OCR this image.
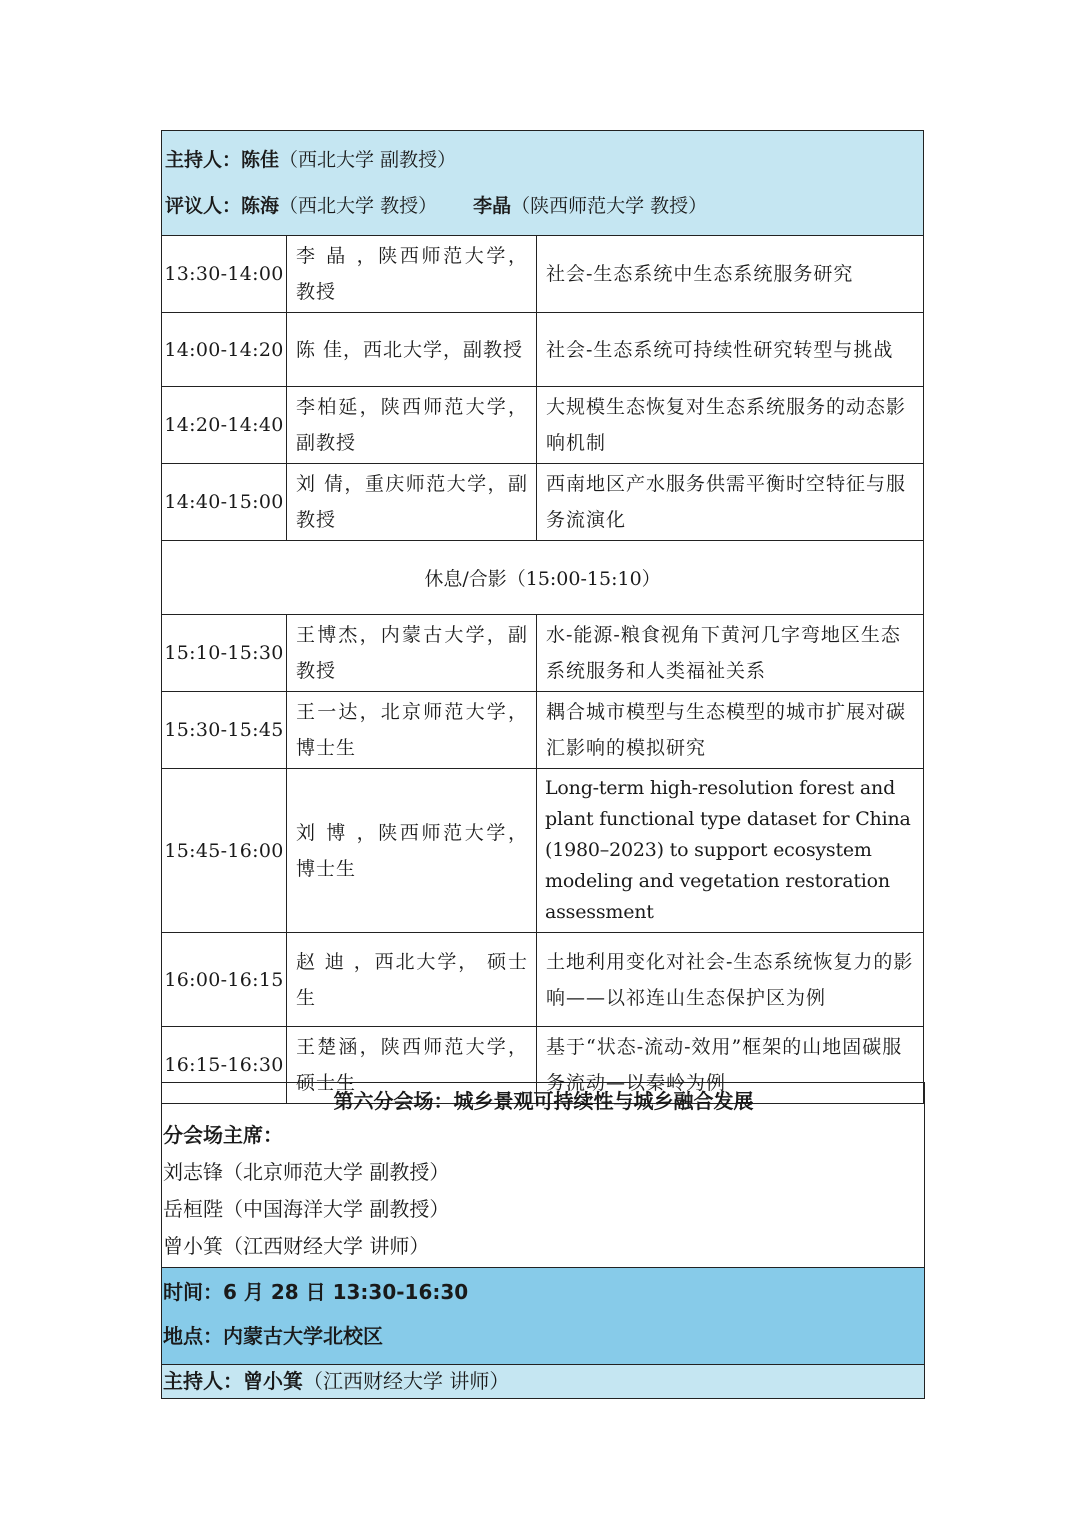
主持人：陈佳（西北大学 副教授）
评议人：陈海（西北大学 教授） 李晶（陕西师范大学 教授）		

13:30-14:00	李 晶 ，陕西师范大学，教授	社会-生态系统中生态系统服务研究
14:00-14:20	陈 佳，西北大学，副教授	社会-生态系统可持续性研究转型与挑战
14:20-14:40	李柏延，陕西师范大学， 副教授	大规模生态恢复对生态系统服务的动态影响机制
14:40-15:00	刘 倩，重庆师范大学，副教授	西南地区产水服务供需平衡时空特征与服务流演化
休息/合影（15:00-15:10）		
15:10-15:30	王博杰，内蒙古大学，副教授	水-能源-粮食视角下黄河几字弯地区生态系统服务和人类福祉关系
15:30-15:45	王一达，北京师范大学，博士生	耦合城市模型与生态模型的城市扩展对碳汇影响的模拟研究
15:45-16:00	刘 博 ，陕西师范大学， 博士生	Long-term high-resolution forest and plant functional type dataset for China (1980–2023) to support ecosystem modeling and vegetation restoration assessment
16:00-16:15	赵 迪 ，西北大学， 硕士生	土地利用变化对社会-生态系统恢复力的影响——以祁连山生态保护区为例
16:15-16:30	王楚涵，陕西师范大学， 硕士生	基于“状态-流动-效用”框架的山地固碳服务流动—以秦岭为例
第六分会场：城乡景观可持续性与城乡融合发展
分会场主席：
刘志锋（北京师范大学 副教授）
岳桓陛（中国海洋大学 副教授）
曾小箕（江西财经大学 讲师）

时间：6 月 28 日 13:30-16:30
地点：内蒙古大学北校区

主持人：曾小箕（江西财经大学 讲师）
